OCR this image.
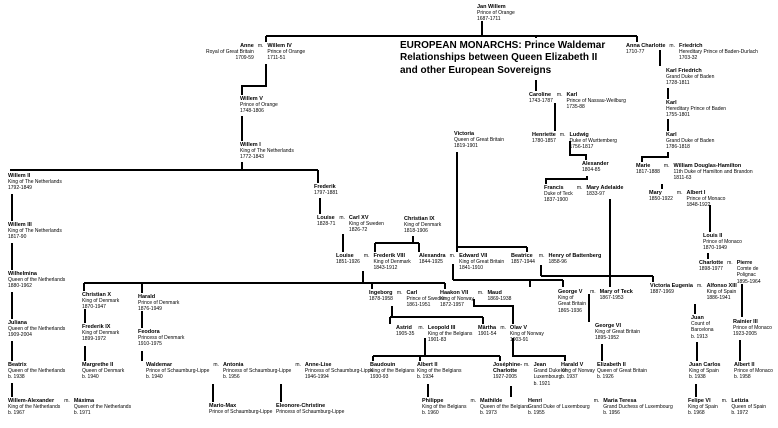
EUROPEAN MONARCHS: Prince Waldemar
Relationships between Queen Elizabeth II
and other European Sovereigns
Jan Willem
Prince of Orange
1687-1711
Anne
Royal of Great Britain
1709-59
m. Willem IV
Prince of Orange
1711-51
Anna Charlotte
1710-77
m. Friedrich
Hereditary Prince of Baden-Durlach
1703-32
Karl Friedrich
Grand Duke of Baden
1728-1811
Willem V
Prince of Orange
1748-1806
Caroline
1743-1787
m. Karl
Prince of Nassau-Weilburg
1735-88
Karl
Hereditary Prince of Baden
1755-1801
Victoria
Queen of Great Britain
1819-1901
Henriette
1780-1857
m. Ludwig
Duke of Wurttemberg
1756-1817
Karl
Grand Duke of Baden
1786-1818
Willem I
King of The Netherlands
1772-1843
Alexander
1804-85
Marie
1817-1888
m. William Douglas-Hamilton
11th Duke of Hamilton and Brandon
1811-63
Willem II
King of The Netherlands
1792-1849	Frederik
1797-1881
Francis
Duke of Teck
1837-1900
m. Mary Adelaide
1833-97	Mary
1850-1922
m. Albert I
Prince of Monaco
1848-1922
Louise
1828-71
m. Carl XV
King of Sweden
1826-72
Christian IX
King of Denmark
1818-1906
Willem III
King of The Netherlands
1817-90	Louis II
Prince of Monaco
1870-1949
Louise
1851-1926
m. Frederik VIII
King of Denmark
1843-1912
Alexandra
1844-1925
m. Edward VII
King of Great Britain
1841-1910
Beatrice
1857-1944
m. Henry of Battenberg
1858-96	Charlotte
1898-1977
m. Pierre
Comte de
Polignac
1895-1964
Wilhelmina
Queen of the Netherlands
1880-1962	Victoria Eugenia
1887-1969
m. Alfonso XIII
King of Spain
1886-1941
George V
King of
Great Britain
1865-1936
m. Mary of Teck
1867-1953
Ingeborg
1878-1958
m. Carl
Prince of Sweden
1861-1951
Haakon VII
King of Norway
1872-1957
m. Maud
1869-1938
Christian X
King of Denmark
1870-1947
Harald
Prince of Denmark
1876-1949
Juan
Count of
Barcelona
b. 1913
Rainier III
Prince of Monaco
1923-2005
Juliana
Queen of the Netherlands
1909-2004
George VI
King of Great Britain
1895-1952
Frederik IX
King of Denmark
1899-1972
Astrid
1905-35
m. Leopold III
King of the Belgians
1901-83
Märtha
1901-54
m. Olav V
King of Norway
1903-91
Feodora
Princess of Denmark
1910-1975
Beatrix
Queen of the Netherlands
b. 1938
Margrethe II
Queen of Denmark
b. 1940
Waldemar
Prince of Schaumburg-Lippe
b. 1940
m. Antonia
Princess of Schaumburg-Lippe
b. 1956
m. Anne-Lise
Princess of Schaumburg-Lippe
1946-1994
Baudouin
King of the Belgians
1930-93
Albert II
King of the Belgians
b. 1934
Joséphine-Charlotte
1927-2005
m. Jean
Grand Duke of
Luxembourg
b. 1921
Harald V
King of Norway
b. 1937
Elizabeth II
Queen of Great Britain
b. 1926
Juan Carlos
King of Spain
b. 1938
Albert II
Prince of Monaco
b. 1958
Willem-Alexander
King of the Netherlands
b. 1967
m. Máxima
Queen of the Netherlands
b. 1971
Mario-Max
Prince of Schaumburg-Lippe
Eleonore-Christine
Princess of Schaumburg-Lippe
Philippe
King of the Belgians
b. 1960
m. Mathilde
Queen of the Belgians
b. 1973
Henri
Grand Duke of Luxembourg
b. 1955
m. Maria Teresa
Grand Duchess of Luxembourg
b. 1956
Felipe VI
King of Spain
b. 1968
m. Letizia
Queen of Spain
b. 1972
